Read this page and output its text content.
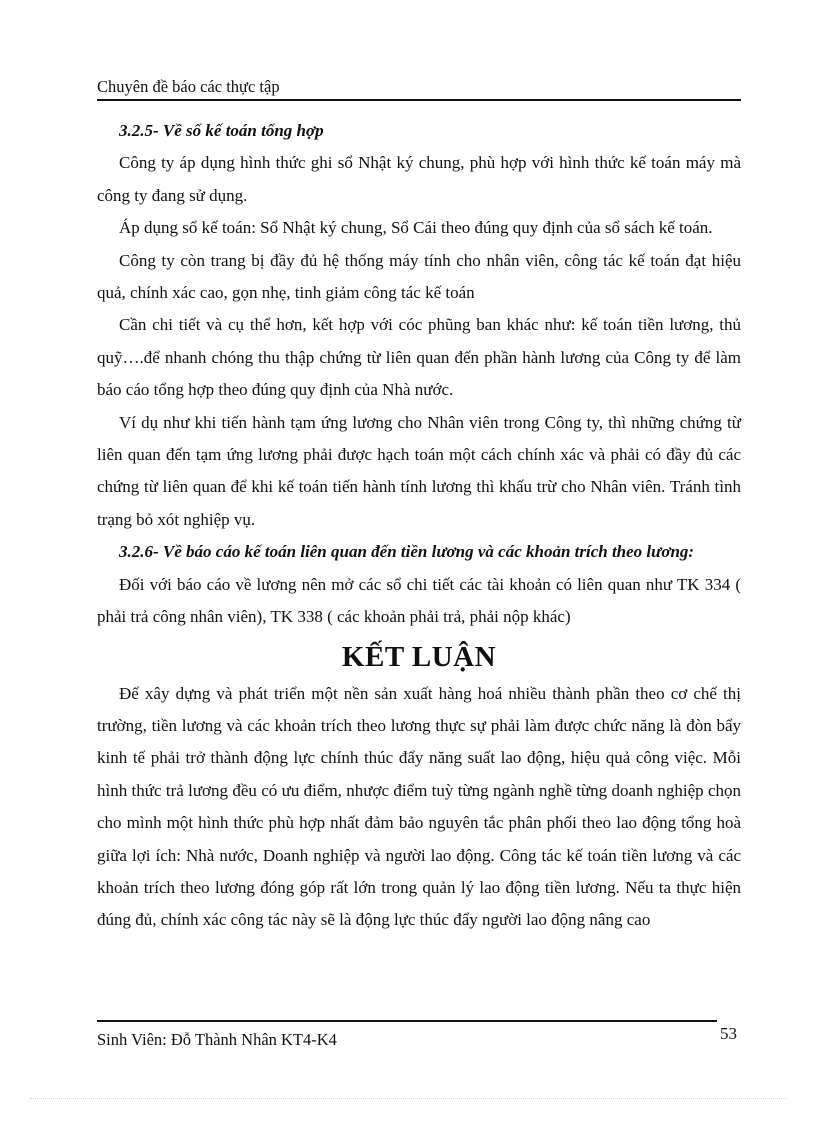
Chuyên đề báo các thực tập

3.2.5- Về sổ kế toán tổng hợp

Công ty áp dụng hình thức ghi sổ Nhật ký chung, phù hợp với hình thức kế toán máy mà công ty đang sử dụng.

Áp dụng sổ kế toán: Sổ Nhật ký chung, Sổ Cái theo đúng quy định của sổ sách kế toán.

Công ty còn trang bị đầy đủ hệ thống máy tính cho nhân viên, công tác kế toán đạt hiệu quả, chính xác cao, gọn nhẹ, tinh giảm công tác kế toán

Cần chi tiết và cụ thể hơn, kết hợp với cóc phũng ban khác như: kế toán tiền lương, thủ quỹ….để nhanh chóng thu thập chứng từ liên quan đến phần hành lương của Công ty để làm báo cáo tổng hợp theo đúng quy định của Nhà nước.

Ví dụ như khi tiến hành tạm ứng lương cho Nhân viên trong Công ty, thì những chứng từ liên quan đến tạm ứng lương phải được hạch toán một cách chính xác và phải có đầy đủ các chứng từ liên quan để khi kế toán tiến hành tính lương thì khấu trừ cho Nhân viên. Tránh tình trạng bỏ xót nghiệp vụ.

3.2.6- Về báo cáo kế toán liên quan đến tiền lương và các khoản trích theo lương:

Đối với báo cáo về lương nên mở các sổ chi tiết các tài khoản có liên quan như TK 334 ( phải trả công nhân viên), TK 338 ( các khoản phải trả, phải nộp khác)

KẾT LUẬN

Để xây dựng và phát triển một nền sản xuất hàng hoá nhiều thành phần theo cơ chế thị trường, tiền lương và các khoản trích theo lương thực sự phải làm được chức năng là đòn bẩy kinh tế phải trở thành động lực chính thúc đẩy năng suất lao động, hiệu quả công việc. Mỗi hình thức trả lương đều có ưu điểm, nhược điểm tuỳ từng ngành nghề từng doanh nghiệp chọn cho mình một hình thức phù hợp nhất đảm bảo nguyên tắc phân phối theo lao động tổng hoà giữa lợi ích: Nhà nước, Doanh nghiệp và người lao động. Công tác kế toán tiền lương và các khoản trích theo lương đóng góp rất lớn trong quản lý lao động tiền lương. Nếu ta thực hiện đúng đủ, chính xác công tác này sẽ là động lực thúc đẩy người lao động nâng cao

Sinh Viên: Đỗ Thành Nhân KT4-K4	53
